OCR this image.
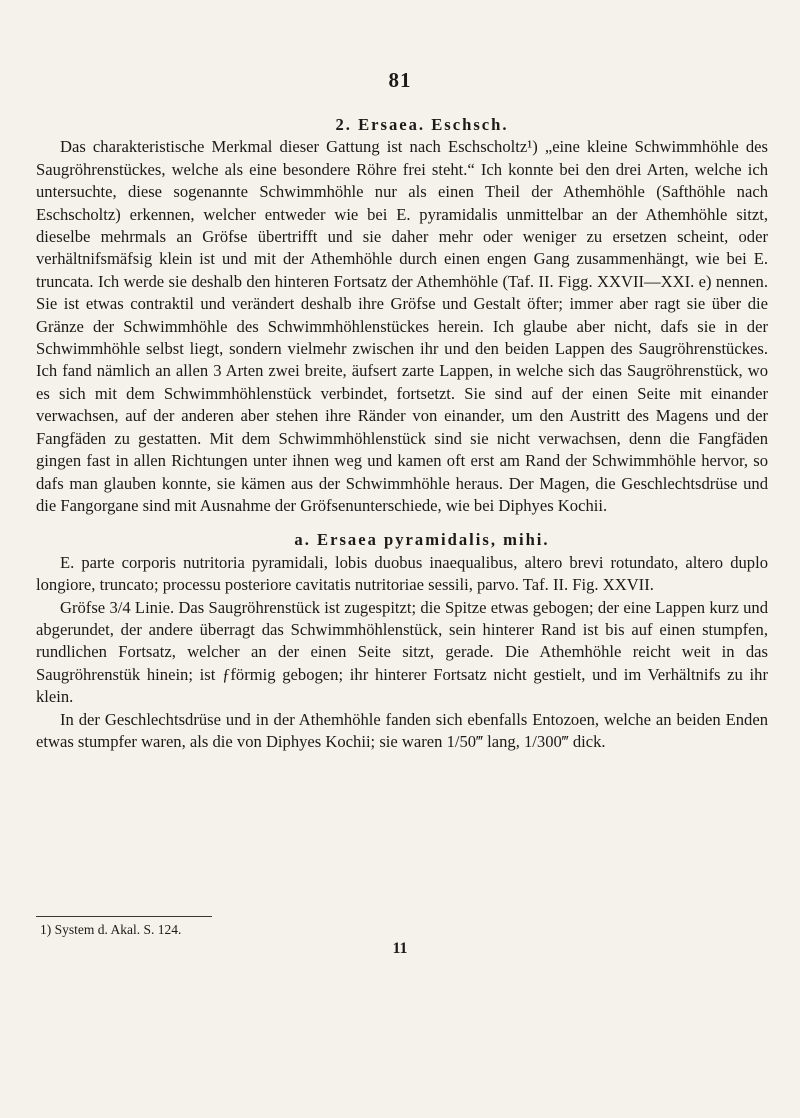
81
2. Ersaea. Eschsch.

Das charakteristische Merkmal dieser Gattung ist nach Eschscholtz¹) „eine kleine Schwimmhöhle des Saugröhrenstückes, welche als eine besondere Röhre frei steht.“ Ich konnte bei den drei Arten, welche ich untersuchte, diese sogenannte Schwimmhöhle nur als einen Theil der Athemhöhle (Safthöhle nach Eschscholtz) erkennen, welcher entweder wie bei E. pyramidalis unmittelbar an der Athemhöhle sitzt, dieselbe mehrmals an Gröfse übertrifft und sie daher mehr oder weniger zu ersetzen scheint, oder verhältnifsmäfsig klein ist und mit der Athemhöhle durch einen engen Gang zusammenhängt, wie bei E. truncata. Ich werde sie deshalb den hinteren Fortsatz der Athemhöhle (Taf. II. Figg. XXVII—XXI. e) nennen. Sie ist etwas contraktil und verändert deshalb ihre Gröfse und Gestalt öfter; immer aber ragt sie über die Gränze der Schwimmhöhle des Schwimmhöhlenstückes herein. Ich glaube aber nicht, dafs sie in der Schwimmhöhle selbst liegt, sondern vielmehr zwischen ihr und den beiden Lappen des Saugröhrenstückes. Ich fand nämlich an allen 3 Arten zwei breite, äufsert zarte Lappen, in welche sich das Saugröhrenstück, wo es sich mit dem Schwimmhöhlenstück verbindet, fortsetzt. Sie sind auf der einen Seite mit einander verwachsen, auf der anderen aber stehen ihre Ränder von einander, um den Austritt des Magens und der Fangfäden zu gestatten. Mit dem Schwimmhöhlenstück sind sie nicht verwachsen, denn die Fangfäden gingen fast in allen Richtungen unter ihnen weg und kamen oft erst am Rand der Schwimmhöhle hervor, so dafs man glauben konnte, sie kämen aus der Schwimmhöhle heraus. Der Magen, die Geschlechtsdrüse und die Fangorgane sind mit Ausnahme der Gröfsenunterschiede, wie bei Diphyes Kochii.

a. Ersaea pyramidalis, mihi.

E. parte corporis nutritoria pyramidali, lobis duobus inaequalibus, altero brevi rotundato, altero duplo longiore, truncato; processu posteriore cavitatis nutritoriae sessili, parvo. Taf. II. Fig. XXVII.

Gröfse 3/4 Linie. Das Saugröhrenstück ist zugespitzt; die Spitze etwas gebogen; der eine Lappen kurz und abgerundet, der andere überragt das Schwimmhöhlenstück, sein hinterer Rand ist bis auf einen stumpfen, rundlichen Fortsatz, welcher an der einen Seite sitzt, gerade. Die Athemhöhle reicht weit in das Saugröhrenstük hinein; ist ƒförmig gebogen; ihr hinterer Fortsatz nicht gestielt, und im Verhältnifs zu ihr klein.

In der Geschlechtsdrüse und in der Athemhöhle fanden sich ebenfalls Entozoen, welche an beiden Enden etwas stumpfer waren, als die von Diphyes Kochii; sie waren 1/50‴ lang, 1/300‴ dick.

1) System d. Akal. S. 124.
11
